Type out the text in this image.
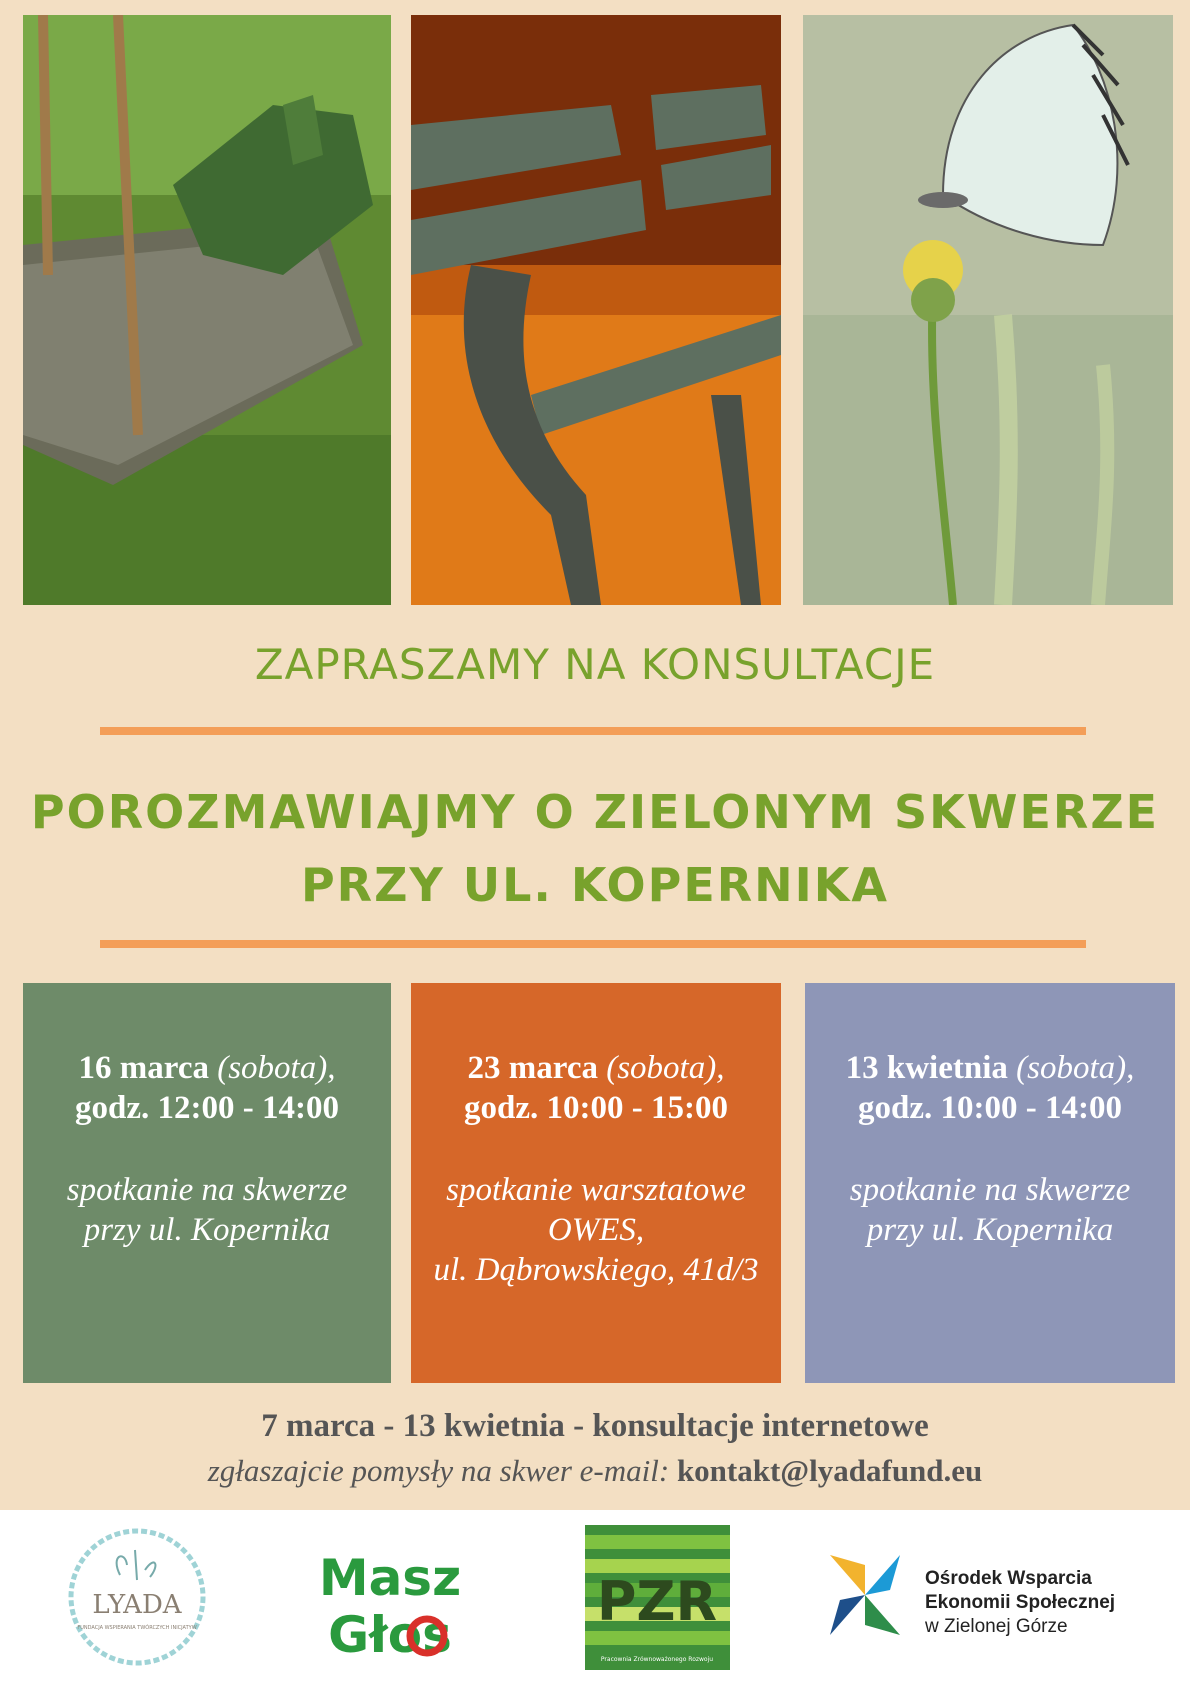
ZAPRASZAMY NA KONSULTACJE
POROZMAWIAJMY O ZIELONYM SKWERZE
PRZY UL. KOPERNIKA
16 marca (sobota),
godz. 12:00 - 14:00
spotkanie na skwerze
przy ul. Kopernika
23 marca (sobota),
godz. 10:00 - 15:00
spotkanie warsztatowe
OWES,
ul. Dąbrowskiego, 41d/3
13 kwietnia (sobota),
godz. 10:00 - 14:00
spotkanie na skwerze
przy ul. Kopernika
7 marca - 13 kwietnia - konsultacje internetowe
zgłaszajcie pomysły na skwer e-mail: kontakt@lyadafund.eu
LYADA
FUNDACJA WSPIERANIA TWÓRCZYCH INICJATYW
Masz
Głos
PZR
Pracownia Zrównoważonego Rozwoju
Ośrodek Wsparcia
Ekonomii Społecznej
w Zielonej Górze
